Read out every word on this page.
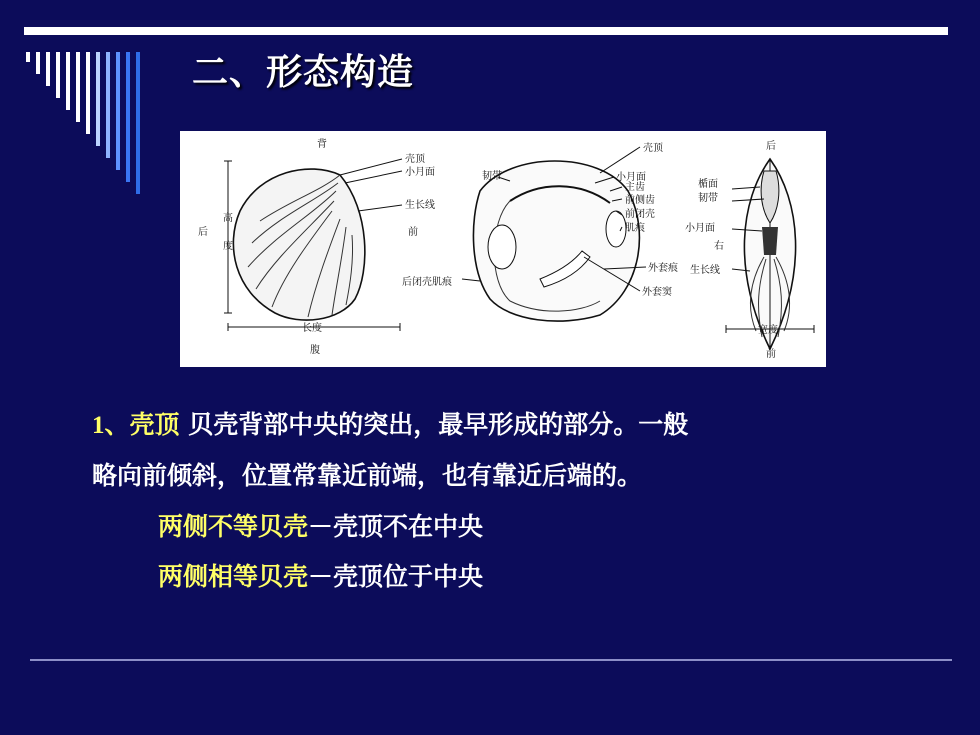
二、形态构造
背
壳顶
小月面
生长线
后	前
高
度
长度
腹
壳顶
韧带	小月面
主齿
前侧齿
前闭壳
肌痕
外套痕
外套窦
后闭壳肌痕
后
楯面
韧带
小月面
右
生长线
宽度
前
1、壳顶 贝壳背部中央的突出，最早形成的部分。一般
略向前倾斜，位置常靠近前端，也有靠近后端的。
两侧不等贝壳－壳顶不在中央
两侧相等贝壳－壳顶位于中央
